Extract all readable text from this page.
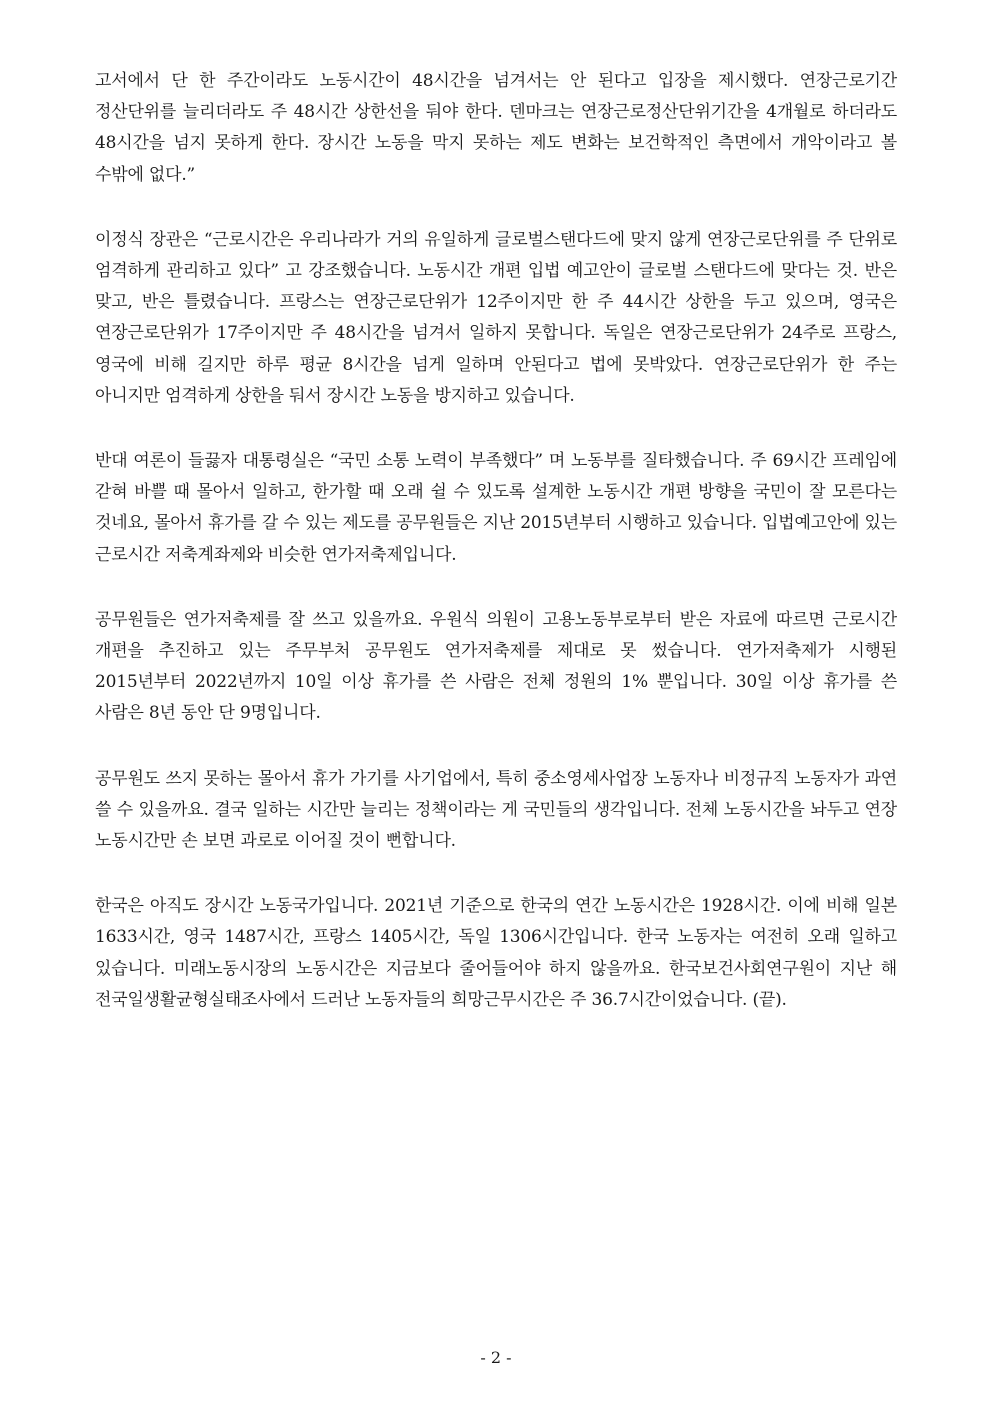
고서에서 단 한 주간이라도 노동시간이 48시간을 넘겨서는 안 된다고 입장을 제시했다. 연장근로기간 정산단위를 늘리더라도 주 48시간 상한선을 둬야 한다. 덴마크는 연장근로정산단위기간을 4개월로 하더라도 48시간을 넘지 못하게 한다. 장시간 노동을 막지 못하는 제도 변화는 보건학적인 측면에서 개악이라고 볼 수밖에 없다.”

이정식 장관은 “근로시간은 우리나라가 거의 유일하게 글로벌스탠다드에 맞지 않게 연장근로단위를 주 단위로 엄격하게 관리하고 있다” 고 강조했습니다. 노동시간 개편 입법 예고안이 글로벌 스탠다드에 맞다는 것. 반은 맞고, 반은 틀렸습니다. 프랑스는 연장근로단위가 12주이지만 한 주 44시간 상한을 두고 있으며, 영국은 연장근로단위가 17주이지만 주 48시간을 넘겨서 일하지 못합니다. 독일은 연장근로단위가 24주로 프랑스, 영국에 비해 길지만 하루 평균 8시간을 넘게 일하며 안된다고 법에 못박았다. 연장근로단위가 한 주는 아니지만 엄격하게 상한을 둬서 장시간 노동을 방지하고 있습니다.

반대 여론이 들끓자 대통령실은 “국민 소통 노력이 부족했다” 며 노동부를 질타했습니다. 주 69시간 프레임에 갇혀 바쁠 때 몰아서 일하고, 한가할 때 오래 쉴 수 있도록 설계한 노동시간 개편 방향을 국민이 잘 모른다는 것네요, 몰아서 휴가를 갈 수 있는 제도를 공무원들은 지난 2015년부터 시행하고 있습니다. 입법예고안에 있는 근로시간 저축계좌제와 비슷한 연가저축제입니다.

공무원들은 연가저축제를 잘 쓰고 있을까요. 우원식 의원이 고용노동부로부터 받은 자료에 따르면 근로시간 개편을 추진하고 있는 주무부처 공무원도 연가저축제를 제대로 못 썼습니다. 연가저축제가 시행된 2015년부터 2022년까지 10일 이상 휴가를 쓴 사람은 전체 정원의 1% 뿐입니다. 30일 이상 휴가를 쓴 사람은 8년 동안 단 9명입니다.

공무원도 쓰지 못하는 몰아서 휴가 가기를 사기업에서, 특히 중소영세사업장 노동자나 비정규직 노동자가 과연 쓸 수 있을까요. 결국 일하는 시간만 늘리는 정책이라는 게 국민들의 생각입니다. 전체 노동시간을 놔두고 연장 노동시간만 손 보면 과로로 이어질 것이 뻔합니다.

한국은 아직도 장시간 노동국가입니다. 2021년 기준으로 한국의 연간 노동시간은 1928시간. 이에 비해 일본 1633시간, 영국 1487시간, 프랑스 1405시간, 독일 1306시간입니다. 한국 노동자는 여전히 오래 일하고 있습니다. 미래노동시장의 노동시간은 지금보다 줄어들어야 하지 않을까요. 한국보건사회연구원이 지난 해 전국일생활균형실태조사에서 드러난 노동자들의 희망근무시간은 주 36.7시간이었습니다. (끝).

- 2 -
